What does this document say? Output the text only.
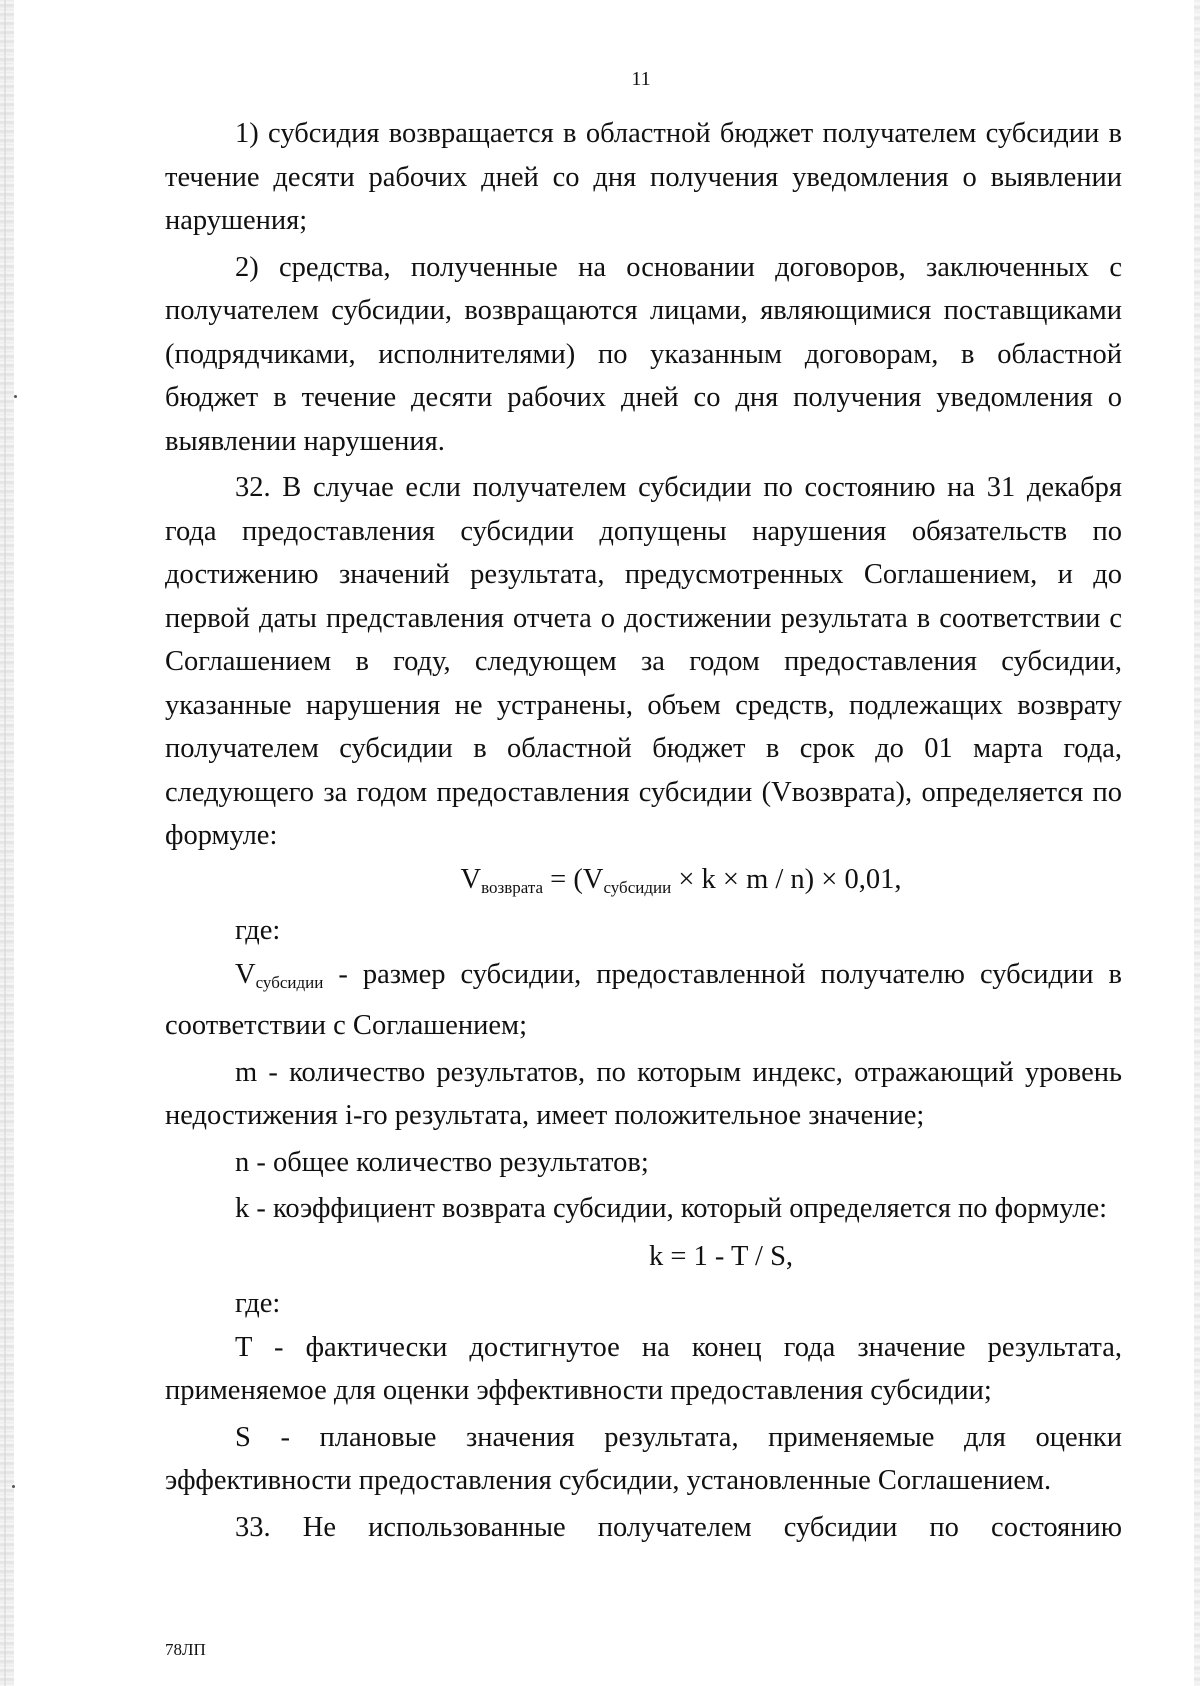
11

1) субсидия возвращается в областной бюджет получателем субсидии в течение десяти рабочих дней со дня получения уведомления о выявлении нарушения;

2) средства, полученные на основании договоров, заключенных с получателем субсидии, возвращаются лицами, являющимися поставщиками (подрядчиками, исполнителями) по указанным договорам, в областной бюджет в течение десяти рабочих дней со дня получения уведомления о выявлении нарушения.

32. В случае если получателем субсидии по состоянию на 31 декабря года предоставления субсидии допущены нарушения обязательств по достижению значений результата, предусмотренных Соглашением, и до первой даты представления отчета о достижении результата в соответствии с Соглашением в году, следующем за годом предоставления субсидии, указанные нарушения не устранены, объем средств, подлежащих возврату получателем субсидии в областной бюджет в срок до 01 марта года, следующего за годом предоставления субсидии (Vвозврата), определяется по формуле:

$V_{возврата} = (V_{субсидии} \times k \times m / n) \times 0,01$,

где:

Vсубсидии - размер субсидии, предоставленной получателю субсидии в соответствии с Соглашением;

m - количество результатов, по которым индекс, отражающий уровень недостижения i-го результата, имеет положительное значение;

n - общее количество результатов;

k - коэффициент возврата субсидии, который определяется по формуле:

k = 1 - T / S,

где:

T - фактически достигнутое на конец года значение результата, применяемое для оценки эффективности предоставления субсидии;

S - плановые значения результата, применяемые для оценки эффективности предоставления субсидии, установленные Соглашением.

33. Не использованные получателем субсидии по состоянию

78ЛП
